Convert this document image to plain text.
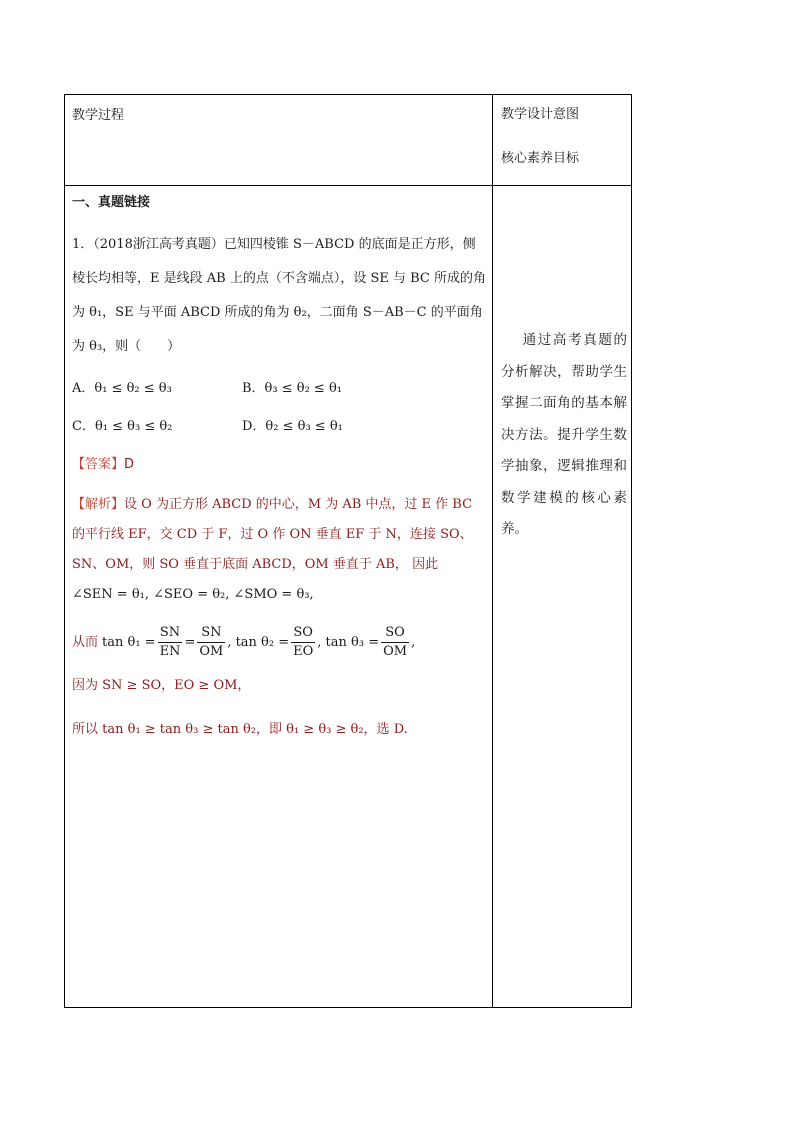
教学过程	教学设计意图
核心素养目标
一、真题链接
1．（2018浙江高考真题）已知四棱锥 S－ABCD 的底面是正方形，侧棱长均相等，E 是线段 AB 上的点（不含端点），设 SE 与 BC 所成的角为 θ₁，SE 与平面 ABCD 所成的角为 θ₂，二面角 S－AB－C 的平面角为 θ₃，则（　　）
A．θ₁ ≤ θ₂ ≤ θ₃	B．θ₃ ≤ θ₂ ≤ θ₁
C．θ₁ ≤ θ₃ ≤ θ₂	D．θ₂ ≤ θ₃ ≤ θ₁
【答案】D
【解析】设 O 为正方形 ABCD 的中心，M 为 AB 中点，过 E 作 BC 的平行线 EF，交 CD 于 F，过 O 作 ON 垂直 EF 于 N，连接 SO、SN、OM，则 SO 垂直于底面 ABCD，OM 垂直于 AB， 因此
∠SEN = θ₁, ∠SEO = θ₂, ∠SMO = θ₃,
从而 $\tan \theta_1 = \frac{SN}{EN} = \frac{SN}{OM}$ , $\tan \theta_2 = \frac{SO}{EO}$ , $\tan \theta_3 = \frac{SO}{OM}$ ,
因为 SN ≥ SO，EO ≥ OM，
所以 tan θ₁ ≥ tan θ₃ ≥ tan θ₂，即 θ₁ ≥ θ₃ ≥ θ₂，选 D.
通过高考真题的分析解决，帮助学生掌握二面角的基本解决方法。提升学生数学抽象，逻辑推理和数学建模的核心素养。
